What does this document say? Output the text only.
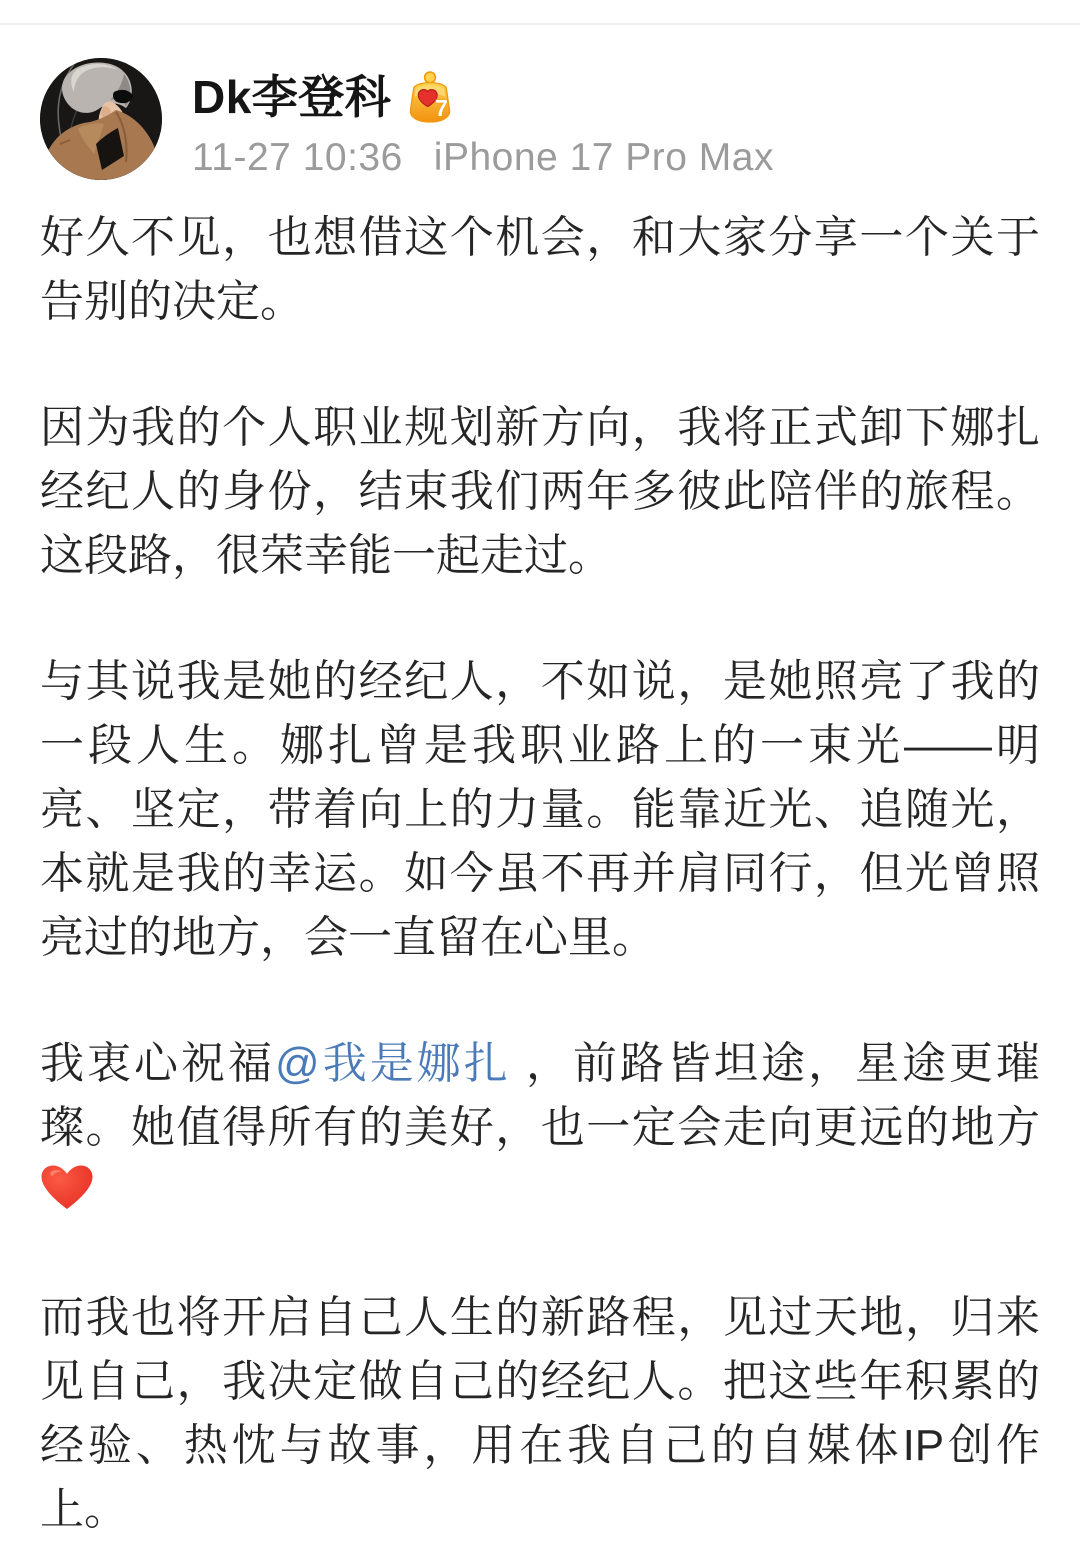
Dk李登科	7
11-27 10:36 iPhone 17 Pro Max

好久不见，也想借这个机会，和大家分享一个关于告别的决定。

因为我的个人职业规划新方向，我将正式卸下娜扎经纪人的身份，结束我们两年多彼此陪伴的旅程。这段路，很荣幸能一起走过。

与其说我是她的经纪人，不如说，是她照亮了我的一段人生。娜扎曾是我职业路上的一束光——明亮、坚定，带着向上的力量。能靠近光、追随光，本就是我的幸运。如今虽不再并肩同行，但光曾照亮过的地方，会一直留在心里。

我衷心祝福@我是娜扎 ，前路皆坦途，星途更璀璨。她值得所有的美好，也一定会走向更远的地方

而我也将开启自己人生的新路程，见过天地，归来见自己，我决定做自己的经纪人。把这些年积累的经验、热忱与故事，用在我自己的自媒体IP创作上。
